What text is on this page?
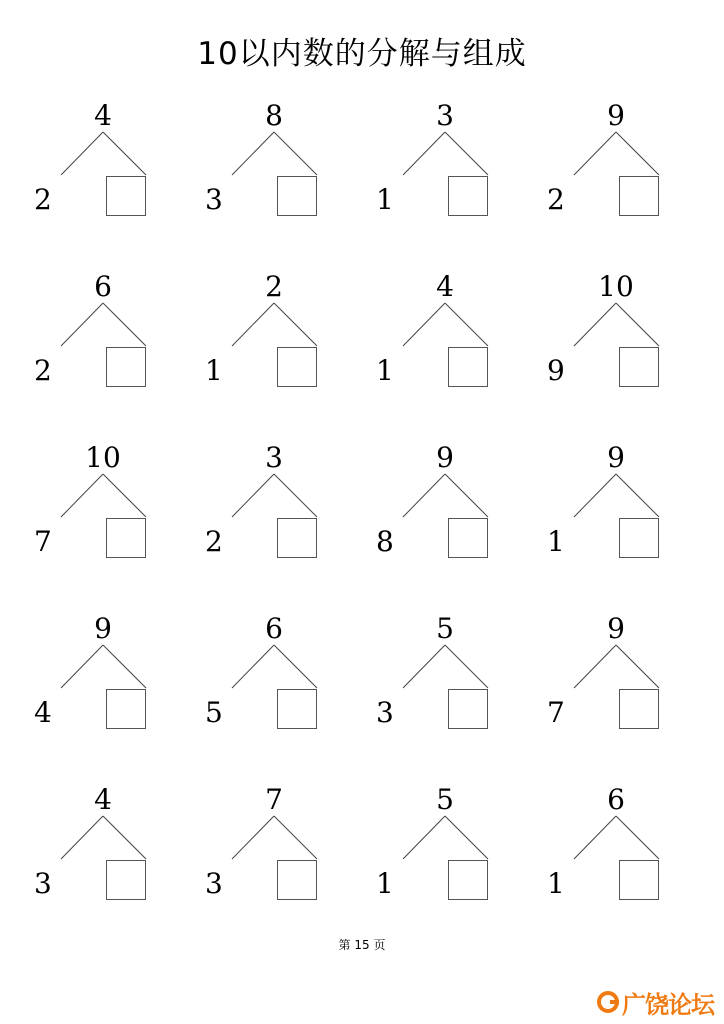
10以内数的分解与组成
4
2
8
3
3
1
9
2
6
2
2
1
4
1
10
9
10
7
3
2
9
8
9
1
9
4
6
5
5
3
9
7
4
3
7
3
5
1
6
1
第 15 页
广饶论坛
